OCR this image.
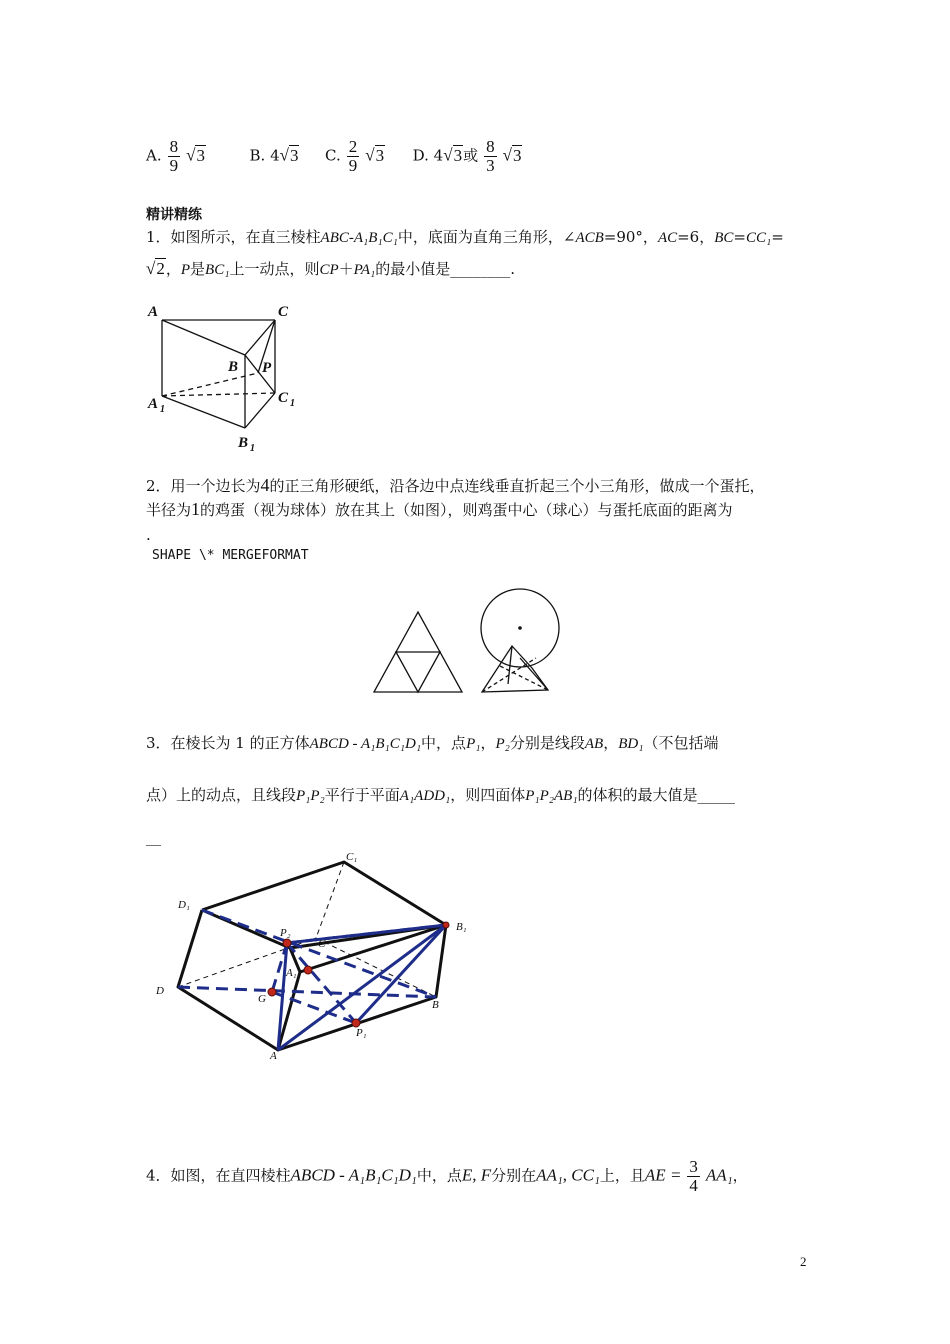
A. $\frac{8}{9} √3$	B. 4√3 C. $\frac{2}{9} √3$ D. 4√3或 $\frac{8}{3} √3$
精讲精练
1．如图所示，在直三棱柱ABC-A₁B₁C₁中，底面为直角三角形，∠ACB=90°，AC=6，BC=CC₁=
√2，P是BC₁上一动点，则CP＋PA₁的最小值是________.
A	C
B P
A 1
C 1
B 1
2．用一个边长为4的正三角形硬纸，沿各边中点连线垂直折起三个小三角形，做成一个蛋托，
半径为1的鸡蛋（视为球体）放在其上（如图），则鸡蛋中心（球心）与蛋托底面的距离为
.
SHAPE \* MERGEFORMAT
3．在棱长为 1 的正方体ABCD - A₁B₁C₁D₁中，点P₁，P₂分别是线段AB，BD₁（不包括端
点）上的动点，且线段P₁P₂平行于平面A₁ADD₁，则四面体P₁P₂AB₁的体积的最大值是_____
__
C₁
D₁
B₁
P₂
C
A₁
D
G	B
P₁
A
4．如图，在直四棱柱ABCD - A₁B₁C₁D₁中，点E, F分别在AA₁, CC₁上，且AE = $\frac{3}{4} AA_1$，
2
